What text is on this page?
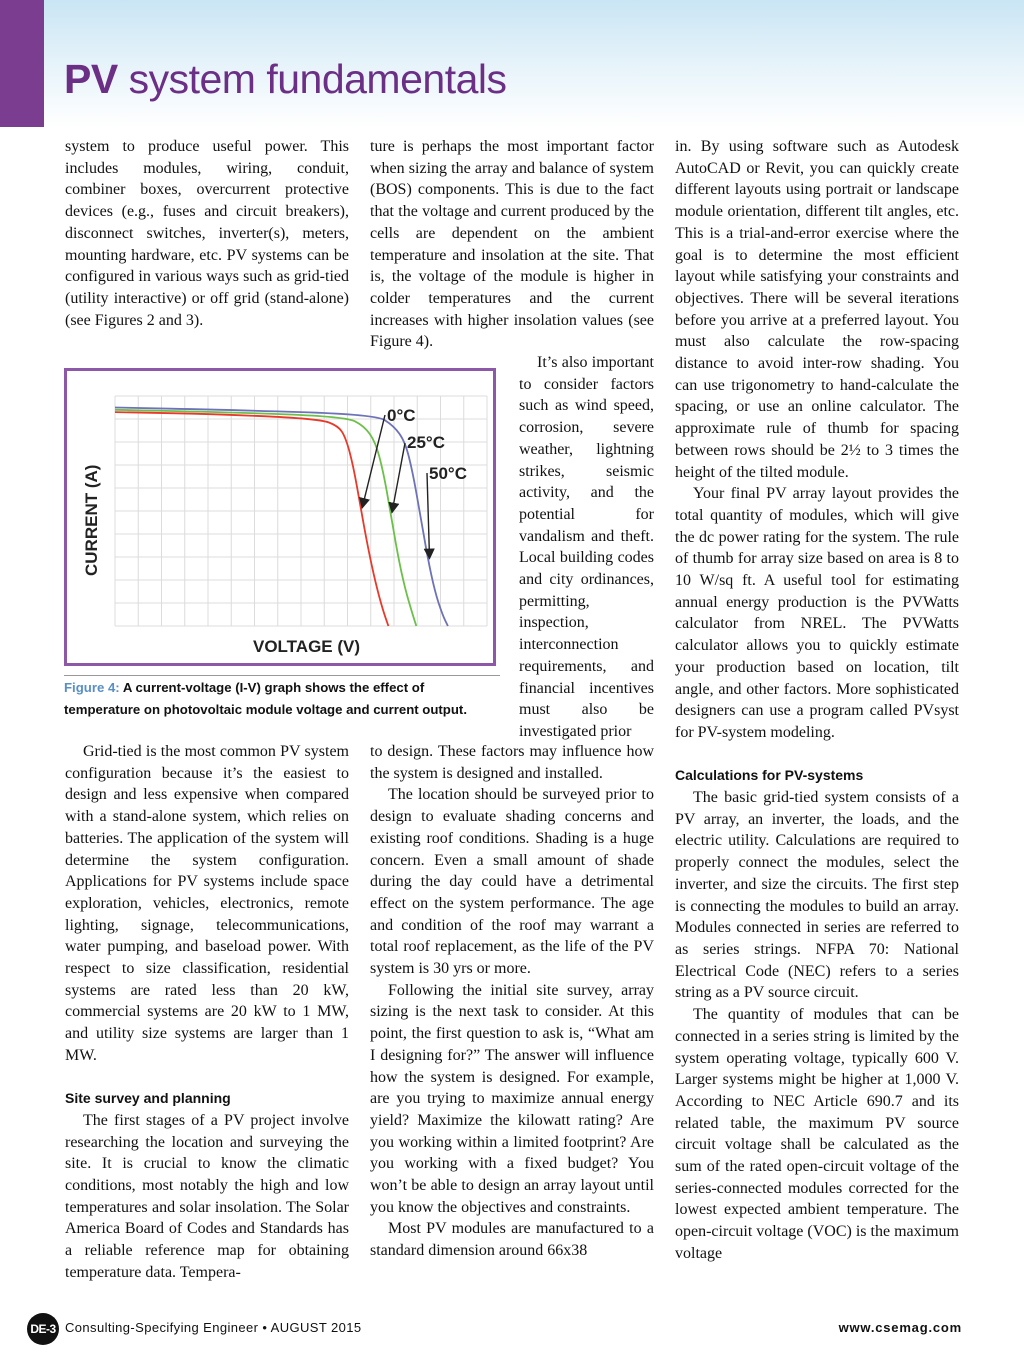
PV system fundamentals

system to produce useful power. This includes modules, wiring, conduit, combiner boxes, overcurrent protective devices (e.g., fuses and circuit breakers), disconnect switches, inverter(s), meters, mounting hardware, etc. PV systems can be configured in various ways such as grid-tied (utility interactive) or off grid (stand-alone) (see Figures 2 and 3).

0°C
25°C
50°C
VOLTAGE (V)
CURRENT (A)
Figure 4: A current-voltage (I-V) graph shows the effect of temperature on photovoltaic module voltage and current output.

Grid-tied is the most common PV system configuration because it’s the easiest to design and less expensive when compared with a stand-alone system, which relies on batteries. The application of the system will determine the system configuration. Applications for PV systems include space exploration, vehicles, electronics, remote lighting, signage, telecommunications, water pumping, and baseload power. With respect to size classification, residential systems are rated less than 20 kW, commercial systems are 20 kW to 1 MW, and utility size systems are larger than 1 MW.

Site survey and planning

The first stages of a PV project involve researching the location and surveying the site. It is crucial to know the climatic conditions, most notably the high and low temperatures and solar insolation. The Solar America Board of Codes and Standards has a reliable reference map for obtaining temperature data. Tempera-

ture is perhaps the most important factor when sizing the array and balance of system (BOS) components. This is due to the fact that the voltage and current produced by the cells are dependent on the ambient temperature and insolation at the site. That is, the voltage of the module is higher in colder temperatures and the current increases with higher insolation values (see Figure 4).

It’s also important to consider factors such as wind speed, corrosion, severe weather, lightning strikes, seismic activity, and the potential for vandalism and theft. Local building codes and city ordinances, permitting, inspection, interconnection requirements, and financial incentives must also be investigated prior

to design. These factors may influence how the system is designed and installed.

The location should be surveyed prior to design to evaluate shading concerns and existing roof conditions. Shading is a huge concern. Even a small amount of shade during the day could have a detrimental effect on the system performance. The age and condition of the roof may warrant a total roof replacement, as the life of the PV system is 30 yrs or more.

Following the initial site survey, array sizing is the next task to consider. At this point, the first question to ask is, “What am I designing for?” The answer will influence how the system is designed. For example, are you trying to maximize annual energy yield? Maximize the kilowatt rating? Are you working within a limited footprint? Are you working with a fixed budget? You won’t be able to design an array layout until you know the objectives and constraints.

Most PV modules are manufactured to a standard dimension around 66x38

in. By using software such as Autodesk AutoCAD or Revit, you can quickly create different layouts using portrait or landscape module orientation, different tilt angles, etc. This is a trial-and-error exercise where the goal is to determine the most efficient layout while satisfying your constraints and objectives. There will be several iterations before you arrive at a preferred layout. You must also calculate the row-spacing distance to avoid inter-row shading. You can use trigonometry to hand-calculate the spacing, or use an online calculator. The approximate rule of thumb for spacing between rows should be 2½ to 3 times the height of the tilted module.

Your final PV array layout provides the total quantity of modules, which will give the dc power rating for the system. The rule of thumb for array size based on area is 8 to 10 W/sq ft. A useful tool for estimating annual energy production is the PVWatts calculator from NREL. The PVWatts calculator allows you to quickly estimate your production based on location, tilt angle, and other factors. More sophisticated designers can use a program called PVsyst for PV-system modeling.

Calculations for PV-systems

The basic grid-tied system consists of a PV array, an inverter, the loads, and the electric utility. Calculations are required to properly connect the modules, select the inverter, and size the circuits. The first step is connecting the modules to build an array. Modules connected in series are referred to as series strings. NFPA 70: National Electrical Code (NEC) refers to a series string as a PV source circuit.

The quantity of modules that can be connected in a series string is limited by the system operating voltage, typically 600 V. Larger systems might be higher at 1,000 V. According to NEC Article 690.7 and its related table, the maximum PV source circuit voltage shall be calculated as the sum of the rated open-circuit voltage of the series-connected modules corrected for the lowest expected ambient temperature. The open-circuit voltage (VOC) is the maximum voltage

DE-3 Consulting-Specifying Engineer • AUGUST 2015	www.csemag.com
